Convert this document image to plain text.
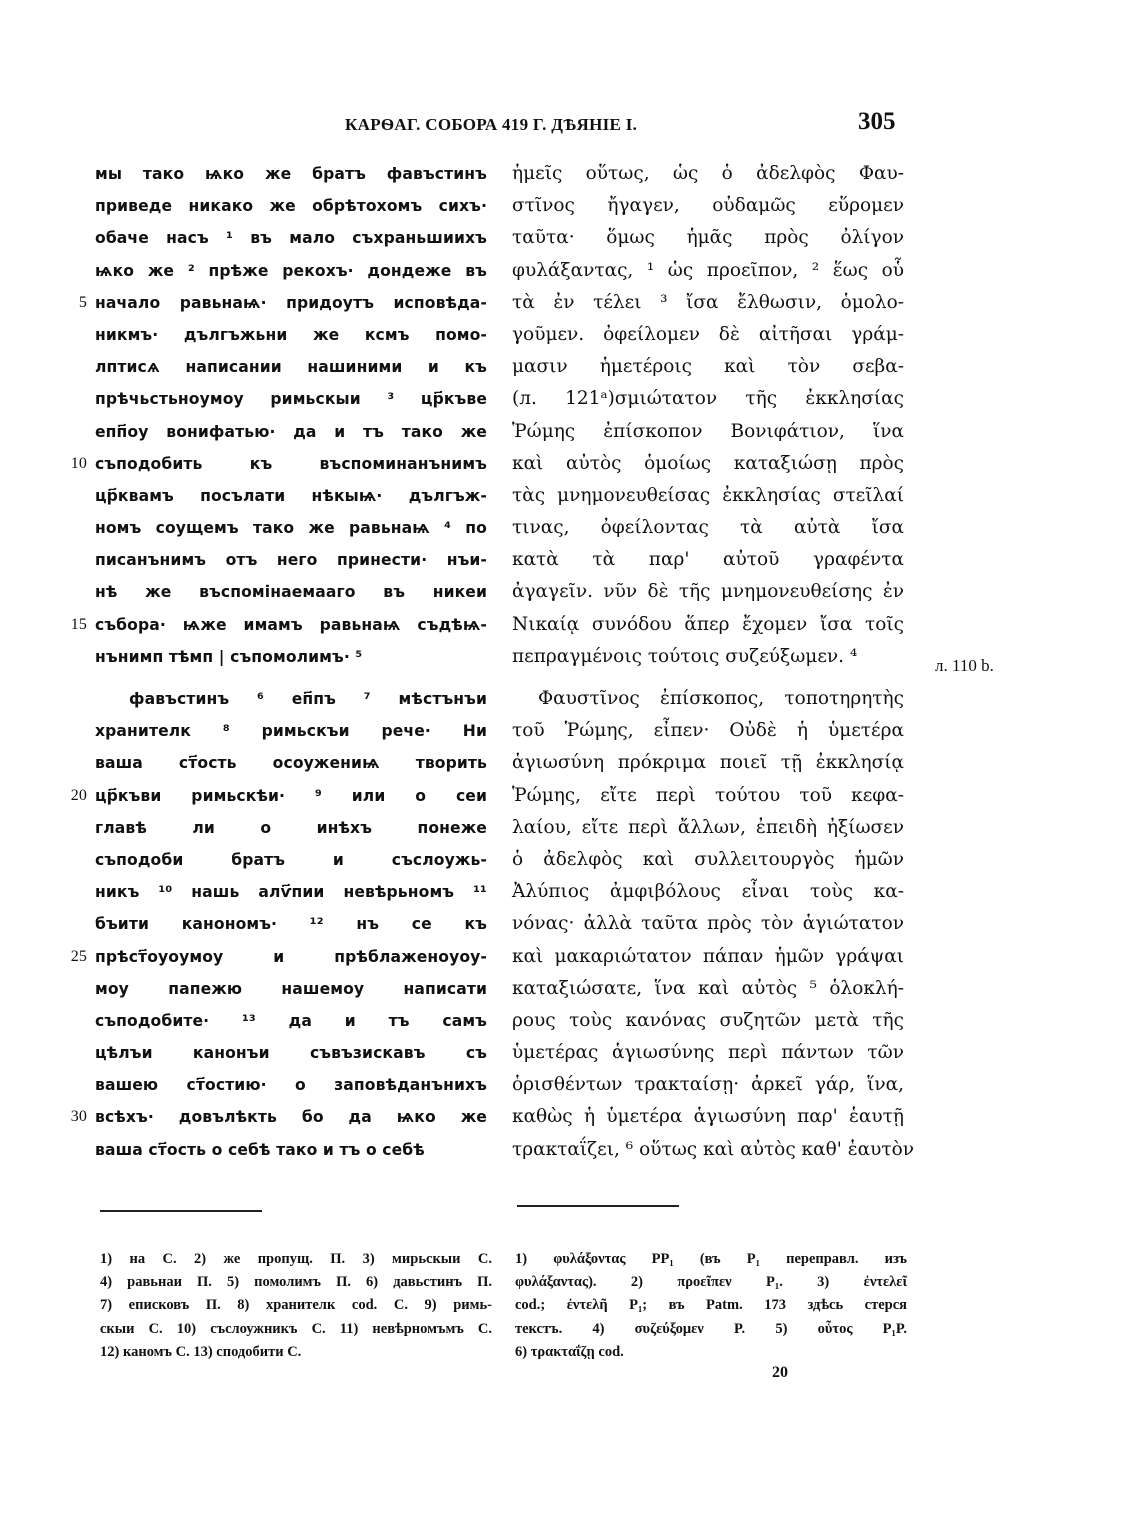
КАРѲАГ. СОБОРА 419 Г. ДѢЯНІЕ I.	305
мы тако ѩко же братъ фавъстинъ
приведе никако же обрѣтохомъ сихъ·
обаче насъ ¹ въ мало съхраньшиихъ
ѩко же ² прѣже рекохъ· дондеже въ
5 начало равьнаѩ· придоутъ исповѣда-
никмъ· дългъжьни же ксмъ помо-
лптисѧ написании нашиними и къ
прѣчьстьноумоу римьскыи ³ цр҃къве
епп҃оу вонифатью· да и тъ тако же
10 съподобить къ въспоминанънимъ
цр҃квамъ посълати нѣкыѩ· дългъж-
номъ соущемъ тако же равьнаѩ ⁴ по
писанънимъ отъ него принести· нъи-
нѣ же въспомінаемааго въ никеи
15 събора· ѩже имамъ равьнаѩ съдѣѩ-
нънимп тѣмп | съпомолимъ· ⁵
фавъстинъ ⁶ еп҃пъ ⁷ мѣстънъи
хранителк ⁸ римьскъи рече· Ни
ваша ст҃ость осоужениѩ творить
20 цр҃къви римьскѣи· ⁹ или о сеи
главѣ ли о инѣхъ понеже
съподоби братъ и съслоужь-
никъ ¹⁰ нашь алѵ҃пии невѣрьномъ ¹¹
бъити канономъ· ¹² нъ се къ
25 прѣст҃оуоумоу и прѣблаженоуоу-
моу папежю нашемоу написати
съподобите· ¹³ да и тъ самъ
цѣлъи канонъи съвъзискавъ съ
вашею ст҃остию· о заповѣданънихъ
30 всѣхъ· довълѣкть бо да ѩко же
ваша ст҃ость о себѣ тако и тъ о себѣ
ἡμεῖς οὕτως, ὡς ὁ ἀδελφὸς Φαυ-
στῖνος ἤγαγεν, οὐδαμῶς εὕρομεν
ταῦτα· ὅμως ἡμᾶς πρὸς ὀλίγον
φυλάξαντας, ¹ ὡς προεῖπον, ² ἕως οὗ
τὰ ἐν τέλει ³ ἴσα ἔλθωσιν, ὁμολο-
γοῦμεν. ὀφείλομεν δὲ αἰτῆσαι γράμ-
μασιν ἡμετέροις καὶ τὸν σεβα-
(л. 121ᵃ)σμιώτατον τῆς ἐκκλησίας
Ῥώμης ἐπίσκοπον Βονιφάτιον, ἵνα
καὶ αὐτὸς ὁμοίως καταξιώσῃ πρὸς
τὰς μνημονευθείσας ἐκκλησίας στεῖλαί
τινας, ὀφείλοντας τὰ αὐτὰ ἴσα
κατὰ τὰ παρ' αὐτοῦ γραφέντα
ἀγαγεῖν. νῦν δὲ τῆς μνημονευθείσης ἐν
Νικαίᾳ συνόδου ἅπερ ἔχομεν ἴσα τοῖς
πεπραγμένοις τούτοις συζεύξωμεν. ⁴
Φαυστῖνος ἐπίσκοπος, τοποτηρητὴς
τοῦ Ῥώμης, εἶπεν· Οὐδὲ ἡ ὑμετέρα
ἁγιωσύνη πρόκριμα ποιεῖ τῇ ἐκκλησίᾳ
Ῥώμης, εἴτε περὶ τούτου τοῦ κεφα-
λαίου, εἴτε περὶ ἄλλων, ἐπειδὴ ἠξίωσεν
ὁ ἀδελφὸς καὶ συλλειτουργὸς ἡμῶν
Ἀλύπιος ἀμφιβόλους εἶναι τοὺς κα-
νόνας· ἀλλὰ ταῦτα πρὸς τὸν ἁγιώτατον
καὶ μακαριώτατον πάπαν ἡμῶν γράψαι
καταξιώσατε, ἵνα καὶ αὐτὸς ⁵ ὁλοκλή-
ρους τοὺς κανόνας συζητῶν μετὰ τῆς
ὑμετέρας ἁγιωσύνης περὶ πάντων τῶν
ὁρισθέντων τρακταίσῃ· ἀρκεῖ γάρ, ἵνα,
καθὼς ἡ ὑμετέρα ἁγιωσύνη παρ' ἑαυτῇ
τρακταΐζει, ⁶ οὕτως καὶ αὐτὸς καθ' ἑαυτὸν
л. 110 b.
1) на С. 2) же пропущ. П. 3) мирьскыи С.
4) равьнаи П. 5) помолимъ П. 6) давьстинъ П.
7) еписковъ П. 8) хранителк cod. С. 9) римь-
скыи С. 10) съслоужникъ С. 11) невѣрномъмъ С.
12) каномъ С. 13) сподобити С.
1) φυλάξοντας PP₁ (въ P₁ переправл. изъ
φυλάξαντας). 2) προεῖπεν P₁. 3) ἐντελεῖ
cod.; ἐντελῆ P₁; въ Patm. 173 здѣсь стерся
текстъ. 4) συζεύξομεν P. 5) οὗτος P₁P.
6) τρακταΐζῃ cod.
20
